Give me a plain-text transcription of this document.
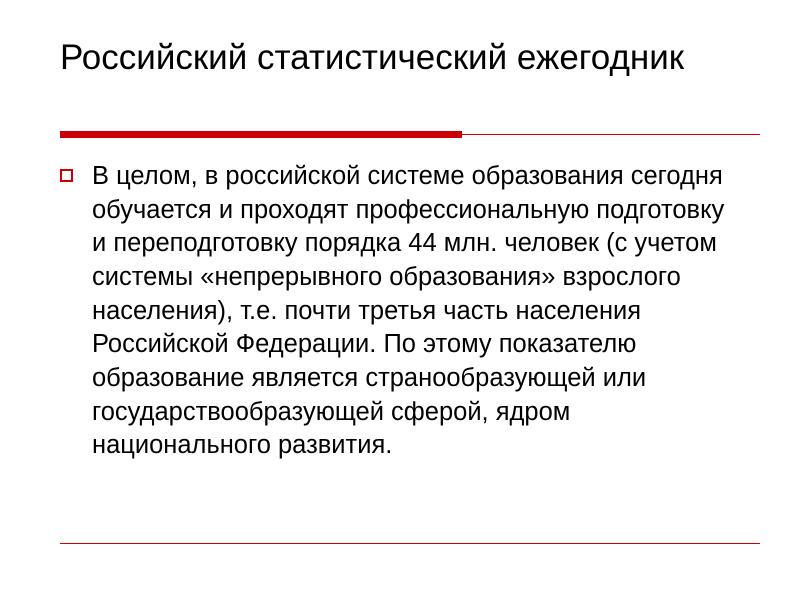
Российский статистический ежегодник
В целом, в российской системе образования сегодня обучается и проходят профессиональную подготовку и переподготовку порядка 44 млн. человек (с учетом системы «непрерывного образования» взрослого населения), т.е. почти третья часть населения Российской Федерации. По этому показателю образование является странообразующей или государствообразующей сферой, ядром  национального развития.
